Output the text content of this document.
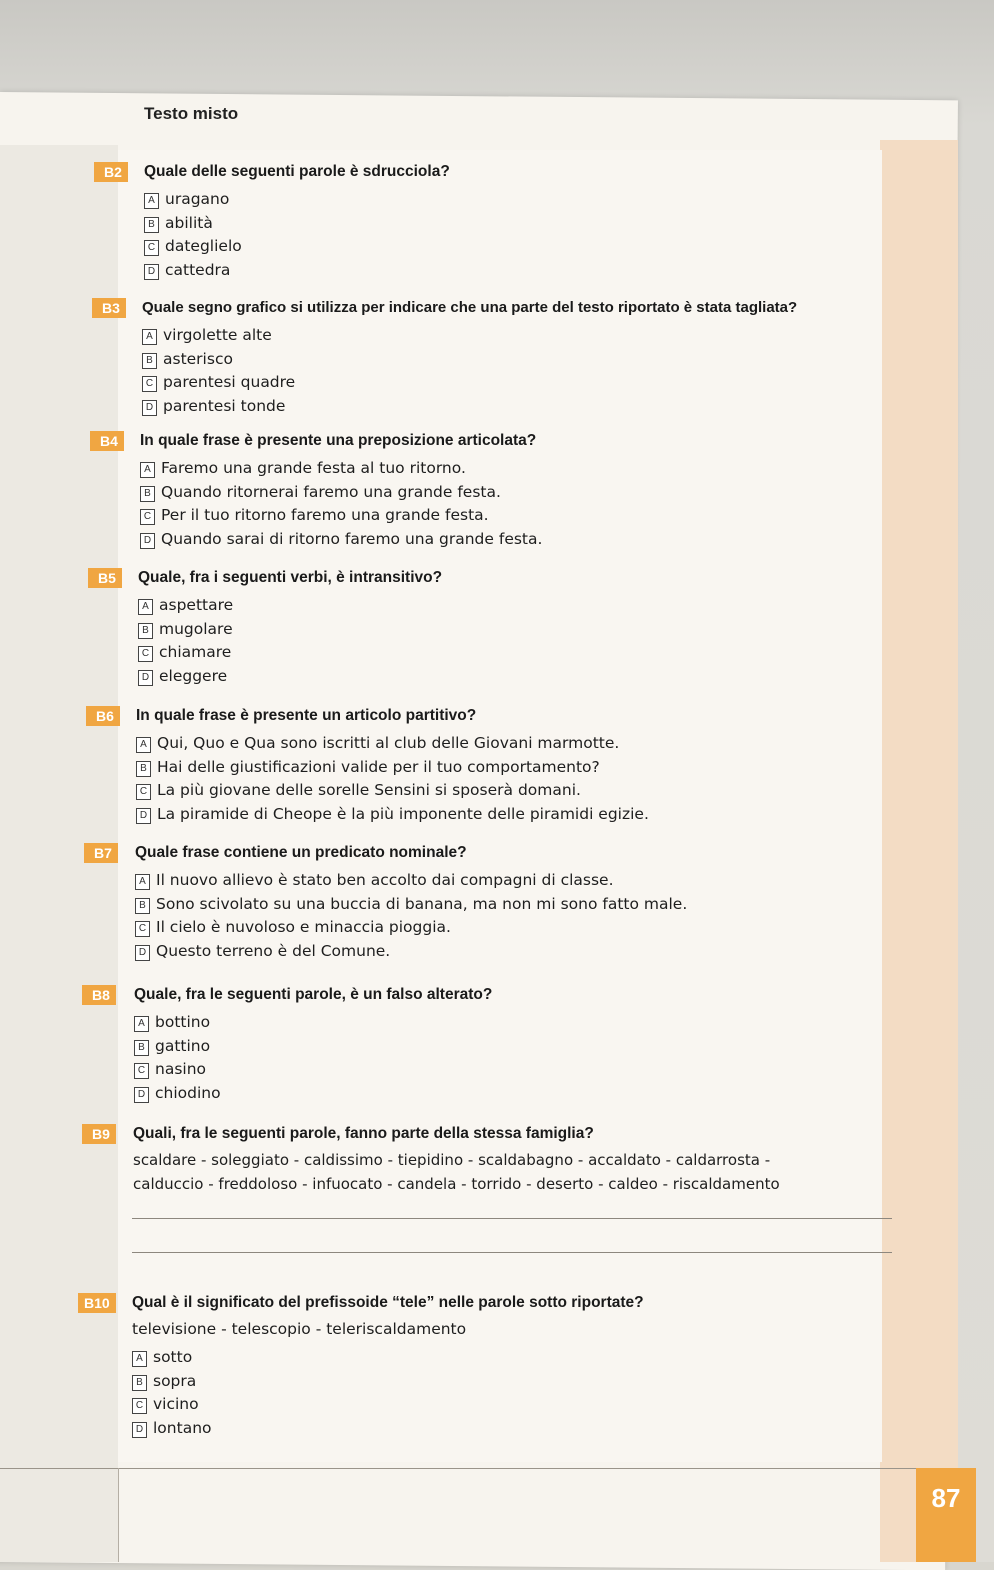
87
Testo misto
B2	Quale delle seguenti parole è sdrucciola?
A uragano
B abilità
C dateglielo
D cattedra
B3	Quale segno grafico si utilizza per indicare che una parte del testo riportato è stata tagliata?
A virgolette alte
B asterisco
C parentesi quadre
D parentesi tonde
B4	In quale frase è presente una preposizione articolata?
A Faremo una grande festa al tuo ritorno.
B Quando ritornerai faremo una grande festa.
C Per il tuo ritorno faremo una grande festa.
D Quando sarai di ritorno faremo una grande festa.
B5	Quale, fra i seguenti verbi, è intransitivo?
A aspettare
B mugolare
C chiamare
D eleggere
B6	In quale frase è presente un articolo partitivo?
A Qui, Quo e Qua sono iscritti al club delle Giovani marmotte.
B Hai delle giustificazioni valide per il tuo comportamento?
C La più giovane delle sorelle Sensini si sposerà domani.
D La piramide di Cheope è la più imponente delle piramidi egizie.
B7	Quale frase contiene un predicato nominale?
A Il nuovo allievo è stato ben accolto dai compagni di classe.
B Sono scivolato su una buccia di banana, ma non mi sono fatto male.
C Il cielo è nuvoloso e minaccia pioggia.
D Questo terreno è del Comune.
B8	Quale, fra le seguenti parole, è un falso alterato?
A bottino
B gattino
C nasino
D chiodino
B9	Quali, fra le seguenti parole, fanno parte della stessa famiglia?
scaldare - soleggiato - caldissimo - tiepidino - scaldabagno - accaldato - caldarrosta -
calduccio - freddoloso - infuocato - candela - torrido - deserto - caldeo - riscaldamento
B10	Qual è il significato del prefissoide “tele” nelle parole sotto riportate?
televisione - telescopio - teleriscaldamento
A sotto
B sopra
C vicino
D lontano
